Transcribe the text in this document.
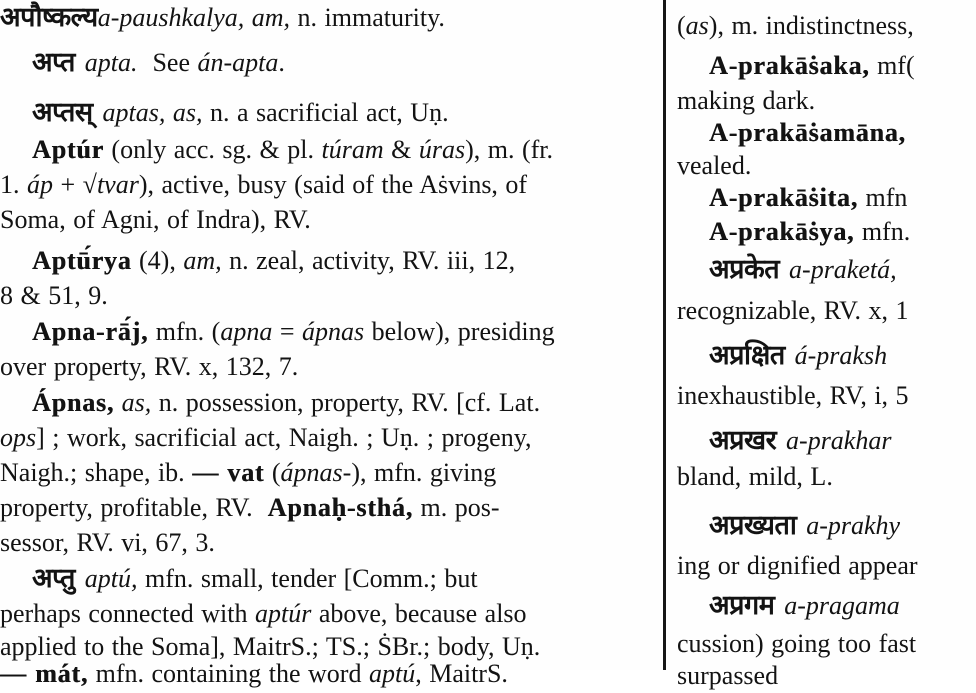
अपौष्कल्यa-paushkalya, am, n. immaturity.
अप्त apta.  See án-apta.
अप्तस् aptas, as, n. a sacrificial act, Uṇ.
Aptúr (only acc. sg. & pl. túram & úras), m. (fr.
1. áp + √tvar), active, busy (said of the Aṡvins, of
Soma, of Agni, of Indra), RV.
Aptū́rya (4), am, n. zeal, activity, RV. iii, 12,
8 & 51, 9.
Apna-rā́j, mfn. (apna = ápnas below), presiding
over property, RV. x, 132, 7.
Ápnas, as, n. possession, property, RV. [cf. Lat.
ops] ; work, sacrificial act, Naigh. ; Uṇ. ; progeny,
Naigh.; shape, ib. — vat (ápnas-), mfn. giving
property, profitable, RV.  Apnaḥ-sthá, m. pos-
sessor, RV. vi, 67, 3.
अप्तु aptú, mfn. small, tender [Comm.; but
perhaps connected with aptúr above, because also
applied to the Soma], MaitrS.; TS.; ṠBr.; body, Uṇ.
— mát, mfn. containing the word aptú, MaitrS.
(as), m. indistinctness,
A-prakāṡaka, mf(
making dark.
A-prakāṡamāna,
vealed.
A-prakāṡita, mfn
A-prakāṡya, mfn.
अप्रकेत a-praketá,
recognizable, RV. x, 1
अप्रक्षित á-praksh
inexhaustible, RV, i, 5
अप्रखर a-prakhar
bland, mild, L.
अप्रख्यता a-prakhy
ing or dignified appear
अप्रगम a-pragama
cussion) going too fast
surpassed
